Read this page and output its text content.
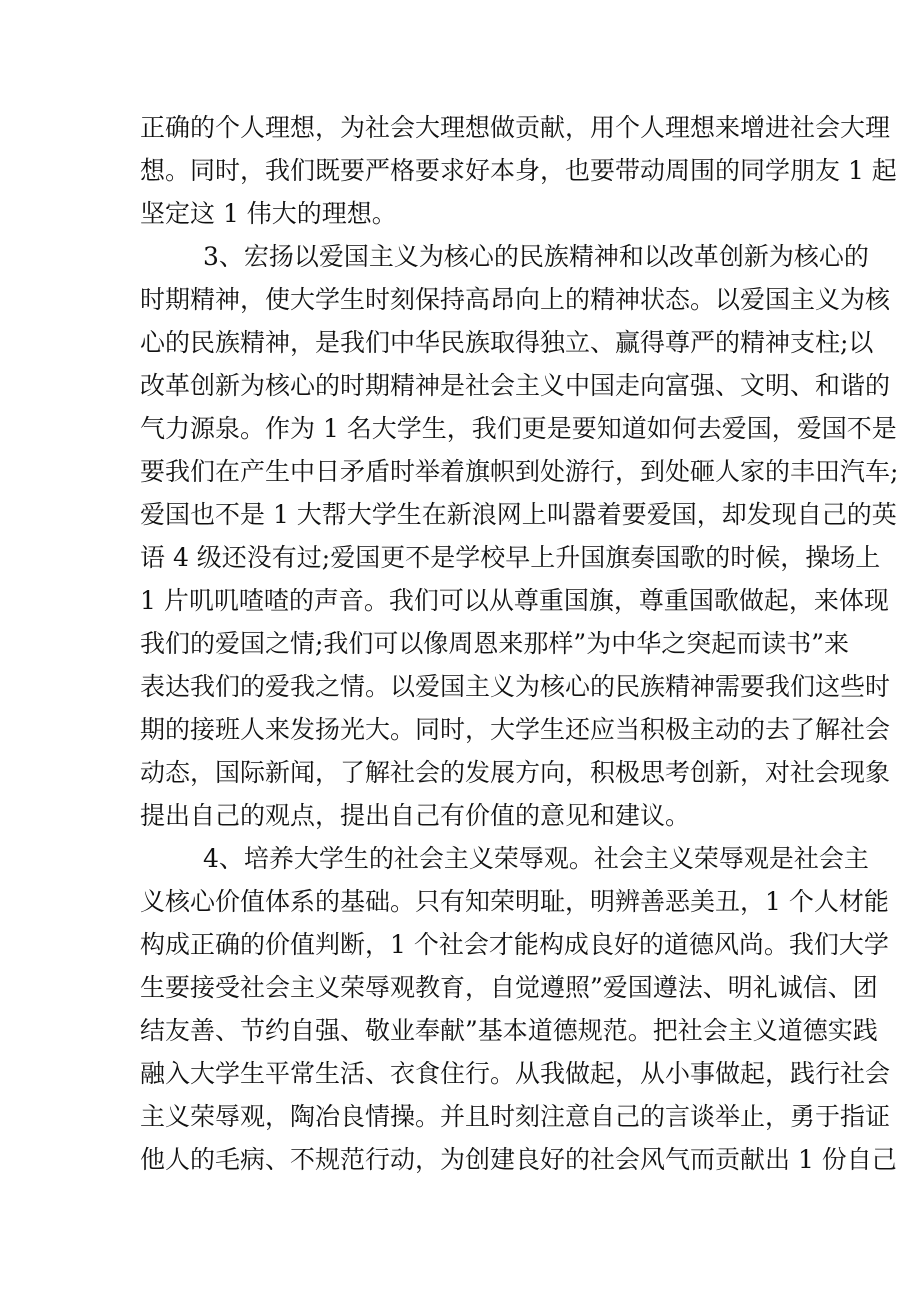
正确的个人理想，为社会大理想做贡献，用个人理想来增进社会大理
想。同时，我们既要严格要求好本身，也要带动周围的同学朋友 1 起
坚定这 1 伟大的理想。
3、宏扬以爱国主义为核心的民族精神和以改革创新为核心的
时期精神，使大学生时刻保持高昂向上的精神状态。以爱国主义为核
心的民族精神，是我们中华民族取得独立、赢得尊严的精神支柱;以
改革创新为核心的时期精神是社会主义中国走向富强、文明、和谐的
气力源泉。作为 1 名大学生，我们更是要知道如何去爱国，爱国不是
要我们在产生中日矛盾时举着旗帜到处游行，到处砸人家的丰田汽车;
爱国也不是 1 大帮大学生在新浪网上叫嚣着要爱国，却发现自己的英
语 4 级还没有过;爱国更不是学校早上升国旗奏国歌的时候，操场上
1 片叽叽喳喳的声音。我们可以从尊重国旗，尊重国歌做起，来体现
我们的爱国之情;我们可以像周恩来那样”为中华之突起而读书”来
表达我们的爱我之情。以爱国主义为核心的民族精神需要我们这些时
期的接班人来发扬光大。同时，大学生还应当积极主动的去了解社会
动态，国际新闻，了解社会的发展方向，积极思考创新，对社会现象
提出自己的观点，提出自己有价值的意见和建议。
4、培养大学生的社会主义荣辱观。社会主义荣辱观是社会主
义核心价值体系的基础。只有知荣明耻，明辨善恶美丑，1 个人材能
构成正确的价值判断，1 个社会才能构成良好的道德风尚。我们大学
生要接受社会主义荣辱观教育，自觉遵照”爱国遵法、明礼诚信、团
结友善、节约自强、敬业奉献”基本道德规范。把社会主义道德实践
融入大学生平常生活、衣食住行。从我做起，从小事做起，践行社会
主义荣辱观，陶冶良情操。并且时刻注意自己的言谈举止，勇于指证
他人的毛病、不规范行动，为创建良好的社会风气而贡献出 1 份自己
